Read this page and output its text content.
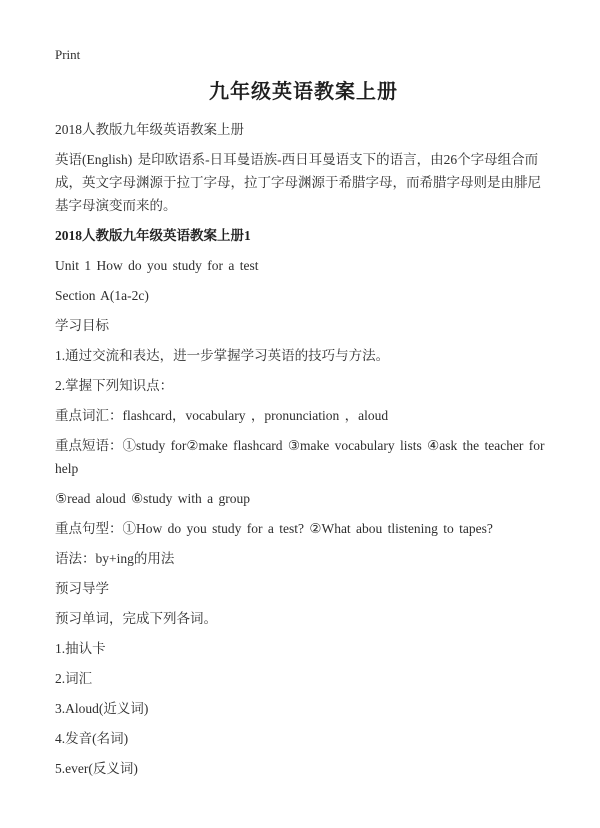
Print
九年级英语教案上册

2018人教版九年级英语教案上册

英语(English) 是印欧语系-日耳曼语族-西日耳曼语支下的语言，由26个字母组合而成，英文字母渊源于拉丁字母，拉丁字母渊源于希腊字母，而希腊字母则是由腓尼基字母演变而来的。

2018人教版九年级英语教案上册1

Unit 1 How do you study for a test

Section A(1a-2c)

学习目标

1.通过交流和表达，进一步掌握学习英语的技巧与方法。

2.掌握下列知识点：

重点词汇：flashcard，vocabulary ，pronunciation ，aloud

重点短语：①study for②make flashcard ③make vocabulary lists ④ask the teacher for help

⑤read aloud ⑥study with a group

重点句型：①How do you study for a test? ②What abou tlistening to tapes?

语法：by+ing的用法

预习导学

预习单词，完成下列各词。

1.抽认卡

2.词汇

3.Aloud(近义词)

4.发音(名词)

5.ever(反义词)
